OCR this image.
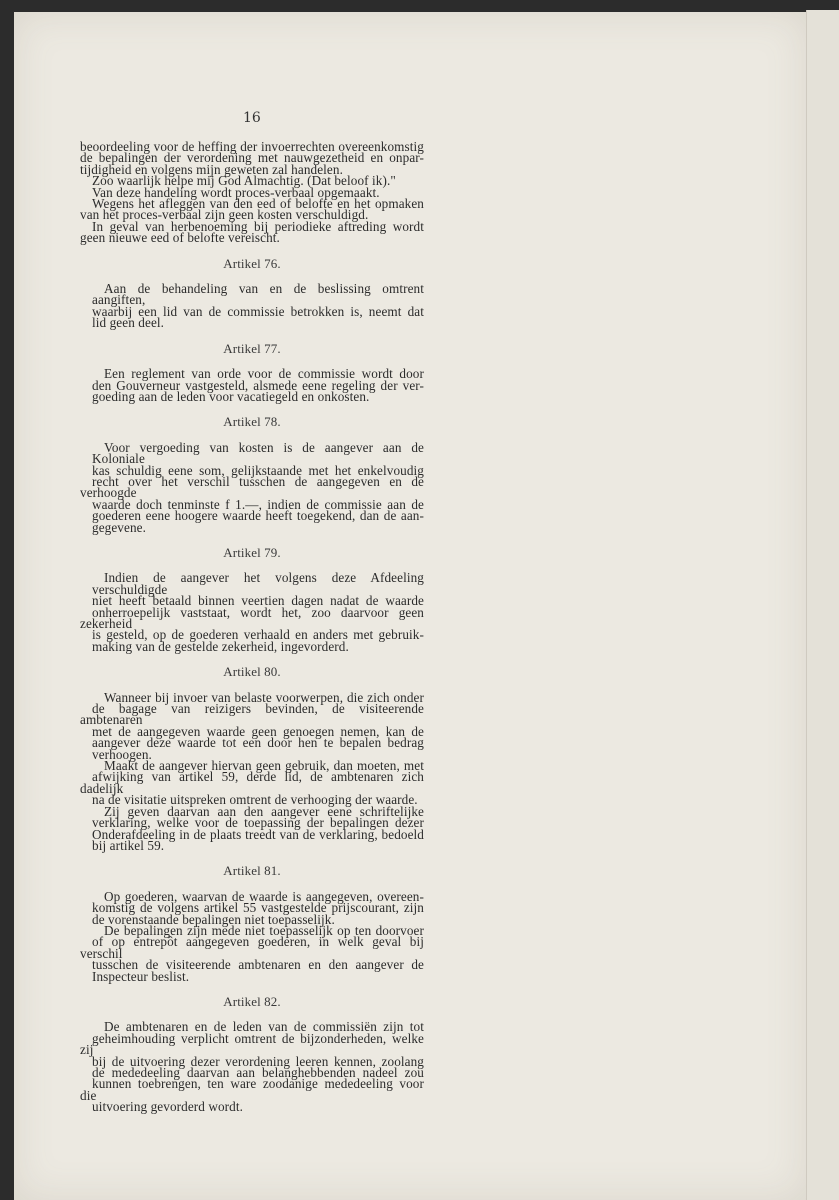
16
beoordeeling voor de heffing der invoerrechten overeenkomstig
de bepalingen der verordening met nauwgezetheid en onpar-
tijdigheid en volgens mijn geweten zal handelen.
Zoo waarlijk helpe mij God Almachtig. (Dat beloof ik)."
Van deze handeling wordt proces-verbaal opgemaakt.
Wegens het afleggen van den eed of belofte en het opmaken
van het proces-verbaal zijn geen kosten verschuldigd.
In geval van herbenoeming bij periodieke aftreding wordt
geen nieuwe eed of belofte vereischt.
Artikel 76.
Aan de behandeling van en de beslissing omtrent aangiften,
waarbij een lid van de commissie betrokken is, neemt dat
lid geen deel.
Artikel 77.
Een reglement van orde voor de commissie wordt door
den Gouverneur vastgesteld, alsmede eene regeling der ver-
goeding aan de leden voor vacatiegeld en onkosten.
Artikel 78.
Voor vergoeding van kosten is de aangever aan de Koloniale
kas schuldig eene som, gelijkstaande met het enkelvoudig
recht over het verschil tusschen de aangegeven en de verhoogde
waarde doch tenminste f 1.—, indien de commissie aan de
goederen eene hoogere waarde heeft toegekend, dan de aan-
gegevene.
Artikel 79.
Indien de aangever het volgens deze Afdeeling verschuldigde
niet heeft betaald binnen veertien dagen nadat de waarde
onherroepelijk vaststaat, wordt het, zoo daarvoor geen zekerheid
is gesteld, op de goederen verhaald en anders met gebruik-
making van de gestelde zekerheid, ingevorderd.
Artikel 80.
Wanneer bij invoer van belaste voorwerpen, die zich onder
de bagage van reizigers bevinden, de visiteerende ambtenaren
met de aangegeven waarde geen genoegen nemen, kan de
aangever deze waarde tot een door hen te bepalen bedrag
verhoogen.
Maakt de aangever hiervan geen gebruik, dan moeten, met
afwijking van artikel 59, derde lid, de ambtenaren zich dadelijk
na de visitatie uitspreken omtrent de verhooging der waarde.
Zij geven daarvan aan den aangever eene schriftelijke
verklaring, welke voor de toepassing der bepalingen dezer
Onderafdeeling in de plaats treedt van de verklaring, bedoeld
bij artikel 59.
Artikel 81.
Op goederen, waarvan de waarde is aangegeven, overeen-
komstig de volgens artikel 55 vastgestelde prijscourant, zijn
de vorenstaande bepalingen niet toepasselijk.
De bepalingen zijn mede niet toepasselijk op ten doorvoer
of op entrepôt aangegeven goederen, in welk geval bij verschil
tusschen de visiteerende ambtenaren en den aangever de
Inspecteur beslist.
Artikel 82.
De ambtenaren en de leden van de commissiën zijn tot
geheimhouding verplicht omtrent de bijzonderheden, welke zij
bij de uitvoering dezer verordening leeren kennen, zoolang
de mededeeling daarvan aan belanghebbenden nadeel zou
kunnen toebrengen, ten ware zoodanige mededeeling voor die
uitvoering gevorderd wordt.
